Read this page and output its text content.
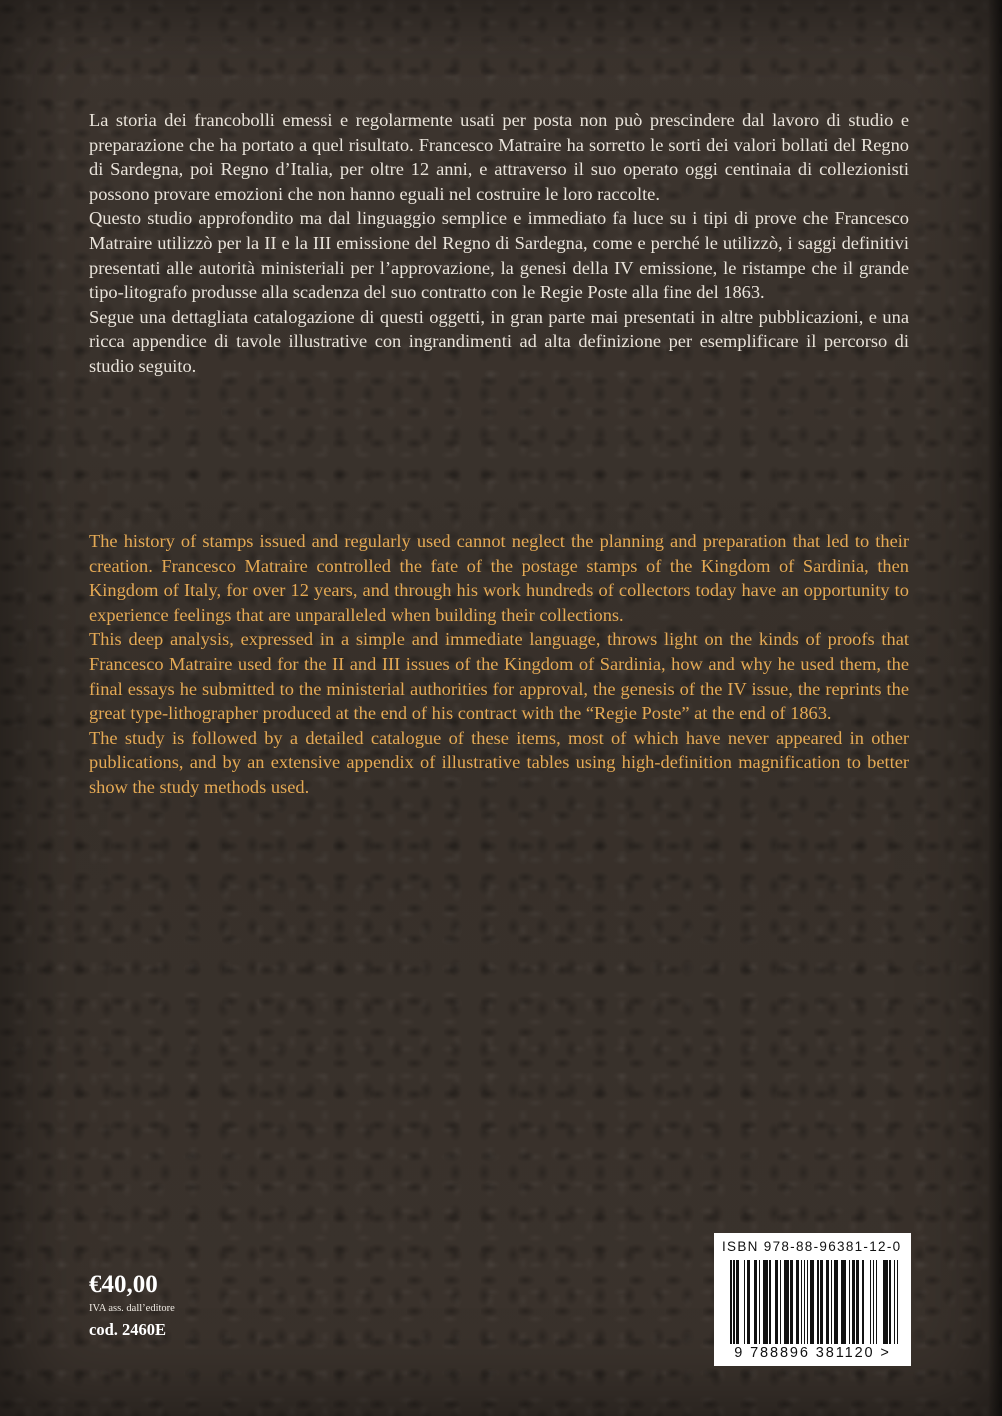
La storia dei francobolli emessi e regolarmente usati per posta non può prescindere dal lavoro di studio e preparazione che ha portato a quel risultato. Francesco Matraire ha sorretto le sorti dei valori bollati del Regno di Sardegna, poi Regno d’Italia, per oltre 12 anni, e attraverso il suo operato oggi centinaia di collezionisti possono provare emozioni che non hanno eguali nel costruire le loro raccolte.

Questo studio approfondito ma dal linguaggio semplice e immediato fa luce su i tipi di prove che Francesco Matraire utilizzò per la II e la III emissione del Regno di Sardegna, come e perché le utilizzò, i saggi definitivi presentati alle autorità ministeriali per l’approvazione, la genesi della IV emissione, le ristampe che il grande tipo-litografo produsse alla scadenza del suo contratto con le Regie Poste alla fine del 1863.

Segue una dettagliata catalogazione di questi oggetti, in gran parte mai presentati in altre pubblicazioni, e una ricca appendice di tavole illustrative con ingrandimenti ad alta definizione per esemplificare il percorso di studio seguito.

The history of stamps issued and regularly used cannot neglect the planning and preparation that led to their creation. Francesco Matraire controlled the fate of the postage stamps of the Kingdom of Sardinia, then Kingdom of Italy, for over 12 years, and through his work hundreds of collectors today have an opportunity to experience feelings that are unparalleled when building their collections.

This deep analysis, expressed in a simple and immediate language, throws light on the kinds of proofs that Francesco Matraire used for the II and III issues of the Kingdom of Sardinia, how and why he used them, the final essays he submitted to the ministerial authorities for approval, the genesis of the IV issue, the reprints the great type-lithographer produced at the end of his contract with the “Regie Poste” at the end of 1863.

The study is followed by a detailed catalogue of these items, most of which have never appeared in other publications, and by an extensive appendix of illustrative tables using high-definition magnification to better show the study methods used.

€40,00
IVA ass. dall’editore
cod. 2460E
ISBN 978-88-96381-12-0
9 788896 381120 >
